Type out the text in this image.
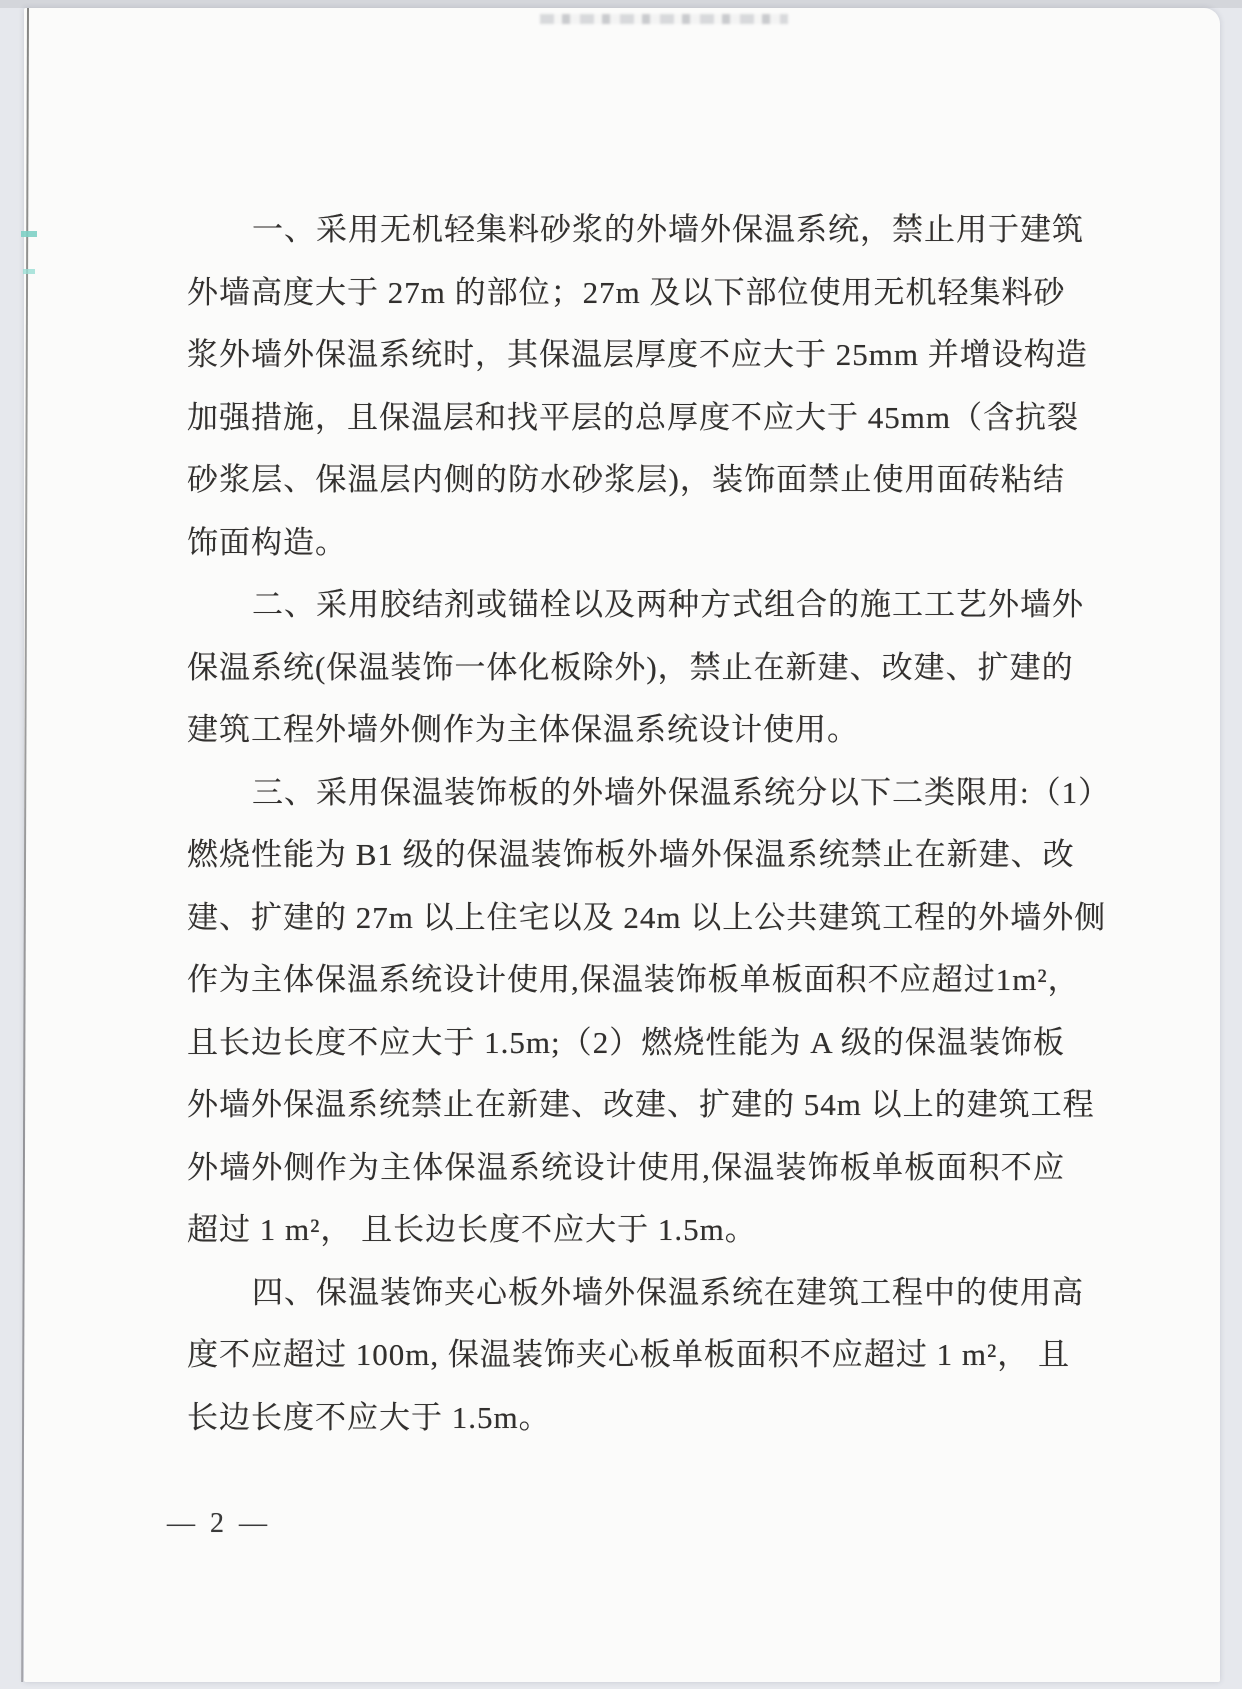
一、采用无机轻集料砂浆的外墙外保温系统，禁止用于建筑
外墙高度大于 27m 的部位；27m 及以下部位使用无机轻集料砂
浆外墙外保温系统时，其保温层厚度不应大于 25mm 并增设构造
加强措施，且保温层和找平层的总厚度不应大于 45mm（含抗裂
砂浆层、保温层内侧的防水砂浆层)，装饰面禁止使用面砖粘结
饰面构造。
二、采用胶结剂或锚栓以及两种方式组合的施工工艺外墙外
保温系统(保温装饰一体化板除外)，禁止在新建、改建、扩建的
建筑工程外墙外侧作为主体保温系统设计使用。
三、采用保温装饰板的外墙外保温系统分以下二类限用:（1）
燃烧性能为 B1 级的保温装饰板外墙外保温系统禁止在新建、改
建、扩建的 27m 以上住宅以及 24m 以上公共建筑工程的外墙外侧
作为主体保温系统设计使用,保温装饰板单板面积不应超过1m²，
且长边长度不应大于 1.5m;（2）燃烧性能为 A 级的保温装饰板
外墙外保温系统禁止在新建、改建、扩建的 54m 以上的建筑工程
外墙外侧作为主体保温系统设计使用,保温装饰板单板面积不应
超过 1 m²， 且长边长度不应大于 1.5m。
四、保温装饰夹心板外墙外保温系统在建筑工程中的使用高
度不应超过 100m, 保温装饰夹心板单板面积不应超过 1 m²， 且
长边长度不应大于 1.5m。
— 2 —
